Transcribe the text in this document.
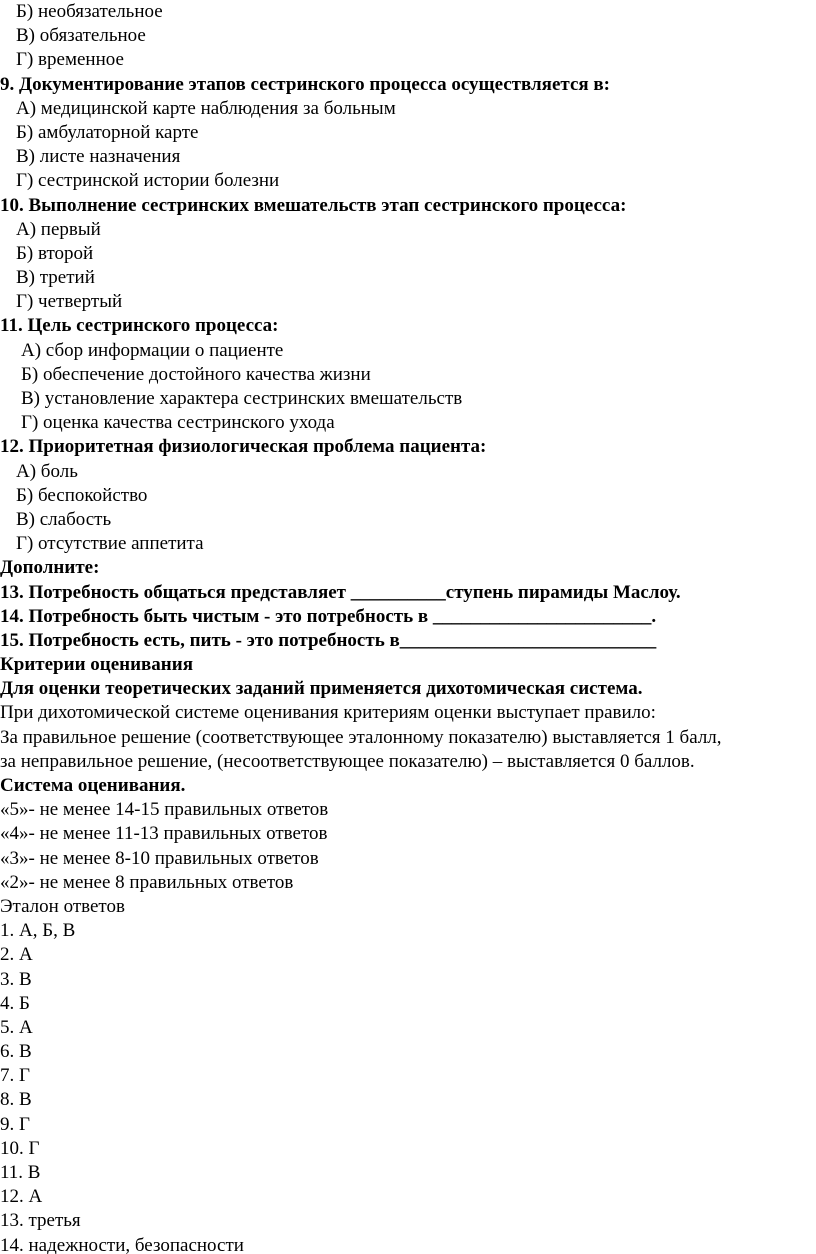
Б) необязательное
В) обязательное
Г) временное
9. Документирование этапов сестринского процесса осуществляется в:
А) медицинской карте наблюдения за больным
Б) амбулаторной карте
В) листе назначения
Г) сестринской истории болезни
10. Выполнение сестринских вмешательств этап сестринского процесса:
А) первый
Б) второй
В) третий
Г) четвертый
11. Цель сестринского процесса:
А) сбор информации о пациенте
Б) обеспечение достойного качества жизни
В) установление характера сестринских вмешательств
Г) оценка качества сестринского ухода
12. Приоритетная физиологическая проблема пациента:
А) боль
Б) беспокойство
В) слабость
Г) отсутствие аппетита
Дополните:
13. Потребность общаться представляет __________ступень пирамиды Маслоу.
14. Потребность быть чистым - это потребность в _______________________.
15. Потребность есть, пить - это потребность в___________________________
Критерии оценивания
Для оценки теоретических заданий применяется дихотомическая система.
При дихотомической системе оценивания критериям оценки выступает правило:
За правильное решение (соответствующее эталонному показателю) выставляется 1 балл,
за неправильное решение, (несоответствующее показателю) – выставляется 0 баллов.
Система оценивания.
«5»- не менее 14-15 правильных ответов
«4»- не менее 11-13 правильных ответов
«3»- не менее 8-10 правильных ответов
«2»- не менее 8 правильных ответов
Эталон ответов
1. А, Б, В
2. А
3. В
4. Б
5. А
6. В
7. Г
8. В
9. Г
10. Г
11. В
12. А
13. третья
14. надежности, безопасности
